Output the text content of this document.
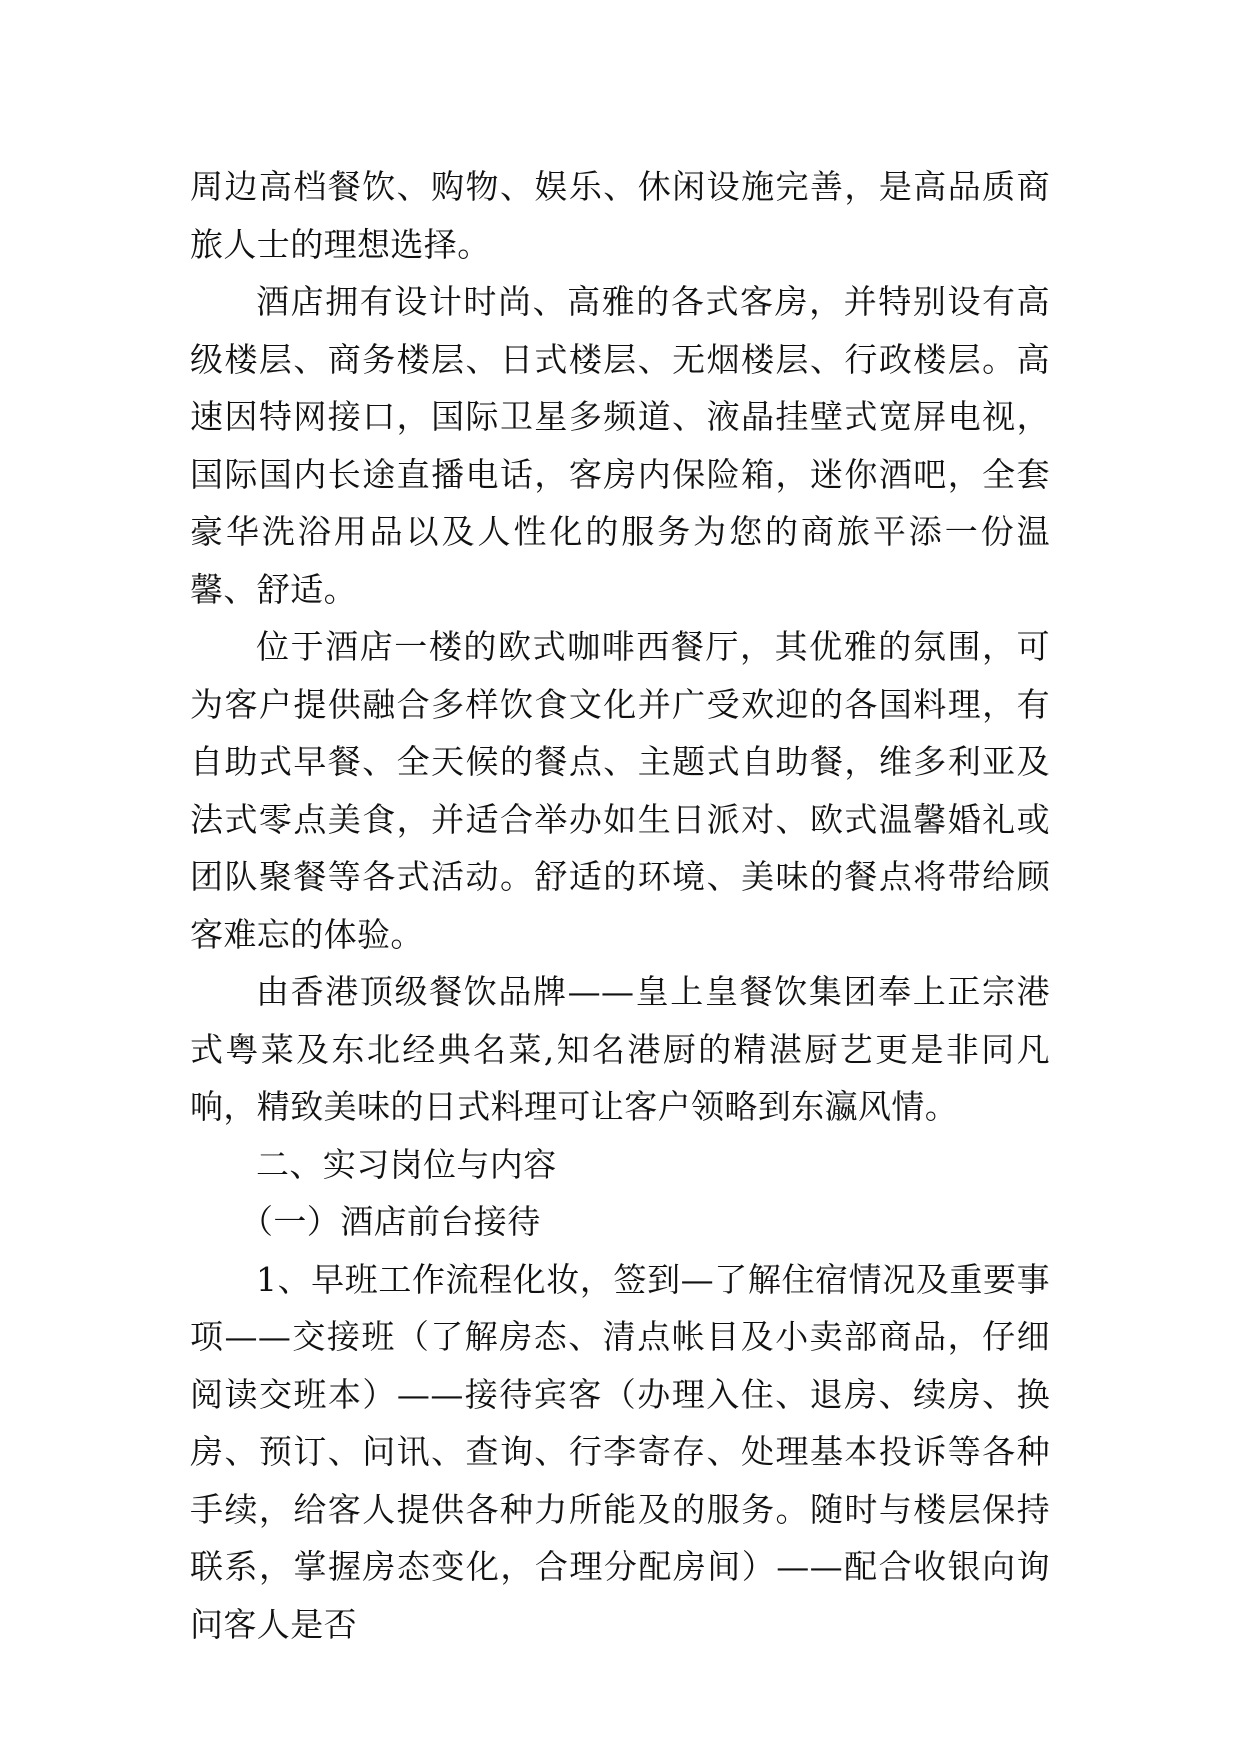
周边高档餐饮、购物、娱乐、休闲设施完善，是高品质商旅人士的理想选择。

酒店拥有设计时尚、高雅的各式客房，并特别设有高级楼层、商务楼层、日式楼层、无烟楼层、行政楼层。高速因特网接口，国际卫星多频道、液晶挂壁式宽屏电视，国际国内长途直播电话，客房内保险箱，迷你酒吧，全套豪华洗浴用品以及人性化的服务为您的商旅平添一份温馨、舒适。

位于酒店一楼的欧式咖啡西餐厅，其优雅的氛围，可为客户提供融合多样饮食文化并广受欢迎的各国料理，有自助式早餐、全天候的餐点、主题式自助餐，维多利亚及法式零点美食，并适合举办如生日派对、欧式温馨婚礼或团队聚餐等各式活动。舒适的环境、美味的餐点将带给顾客难忘的体验。

由香港顶级餐饮品牌——皇上皇餐饮集团奉上正宗港式粤菜及东北经典名菜,知名港厨的精湛厨艺更是非同凡响，精致美味的日式料理可让客户领略到东瀛风情。

二、实习岗位与内容

（一）酒店前台接待

1、早班工作流程化妆，签到—了解住宿情况及重要事项——交接班（了解房态、清点帐目及小卖部商品，仔细阅读交班本）——接待宾客（办理入住、退房、续房、换房、预订、问讯、查询、行李寄存、处理基本投诉等各种手续，给客人提供各种力所能及的服务。随时与楼层保持联系，掌握房态变化，合理分配房间）——配合收银向询问客人是否
